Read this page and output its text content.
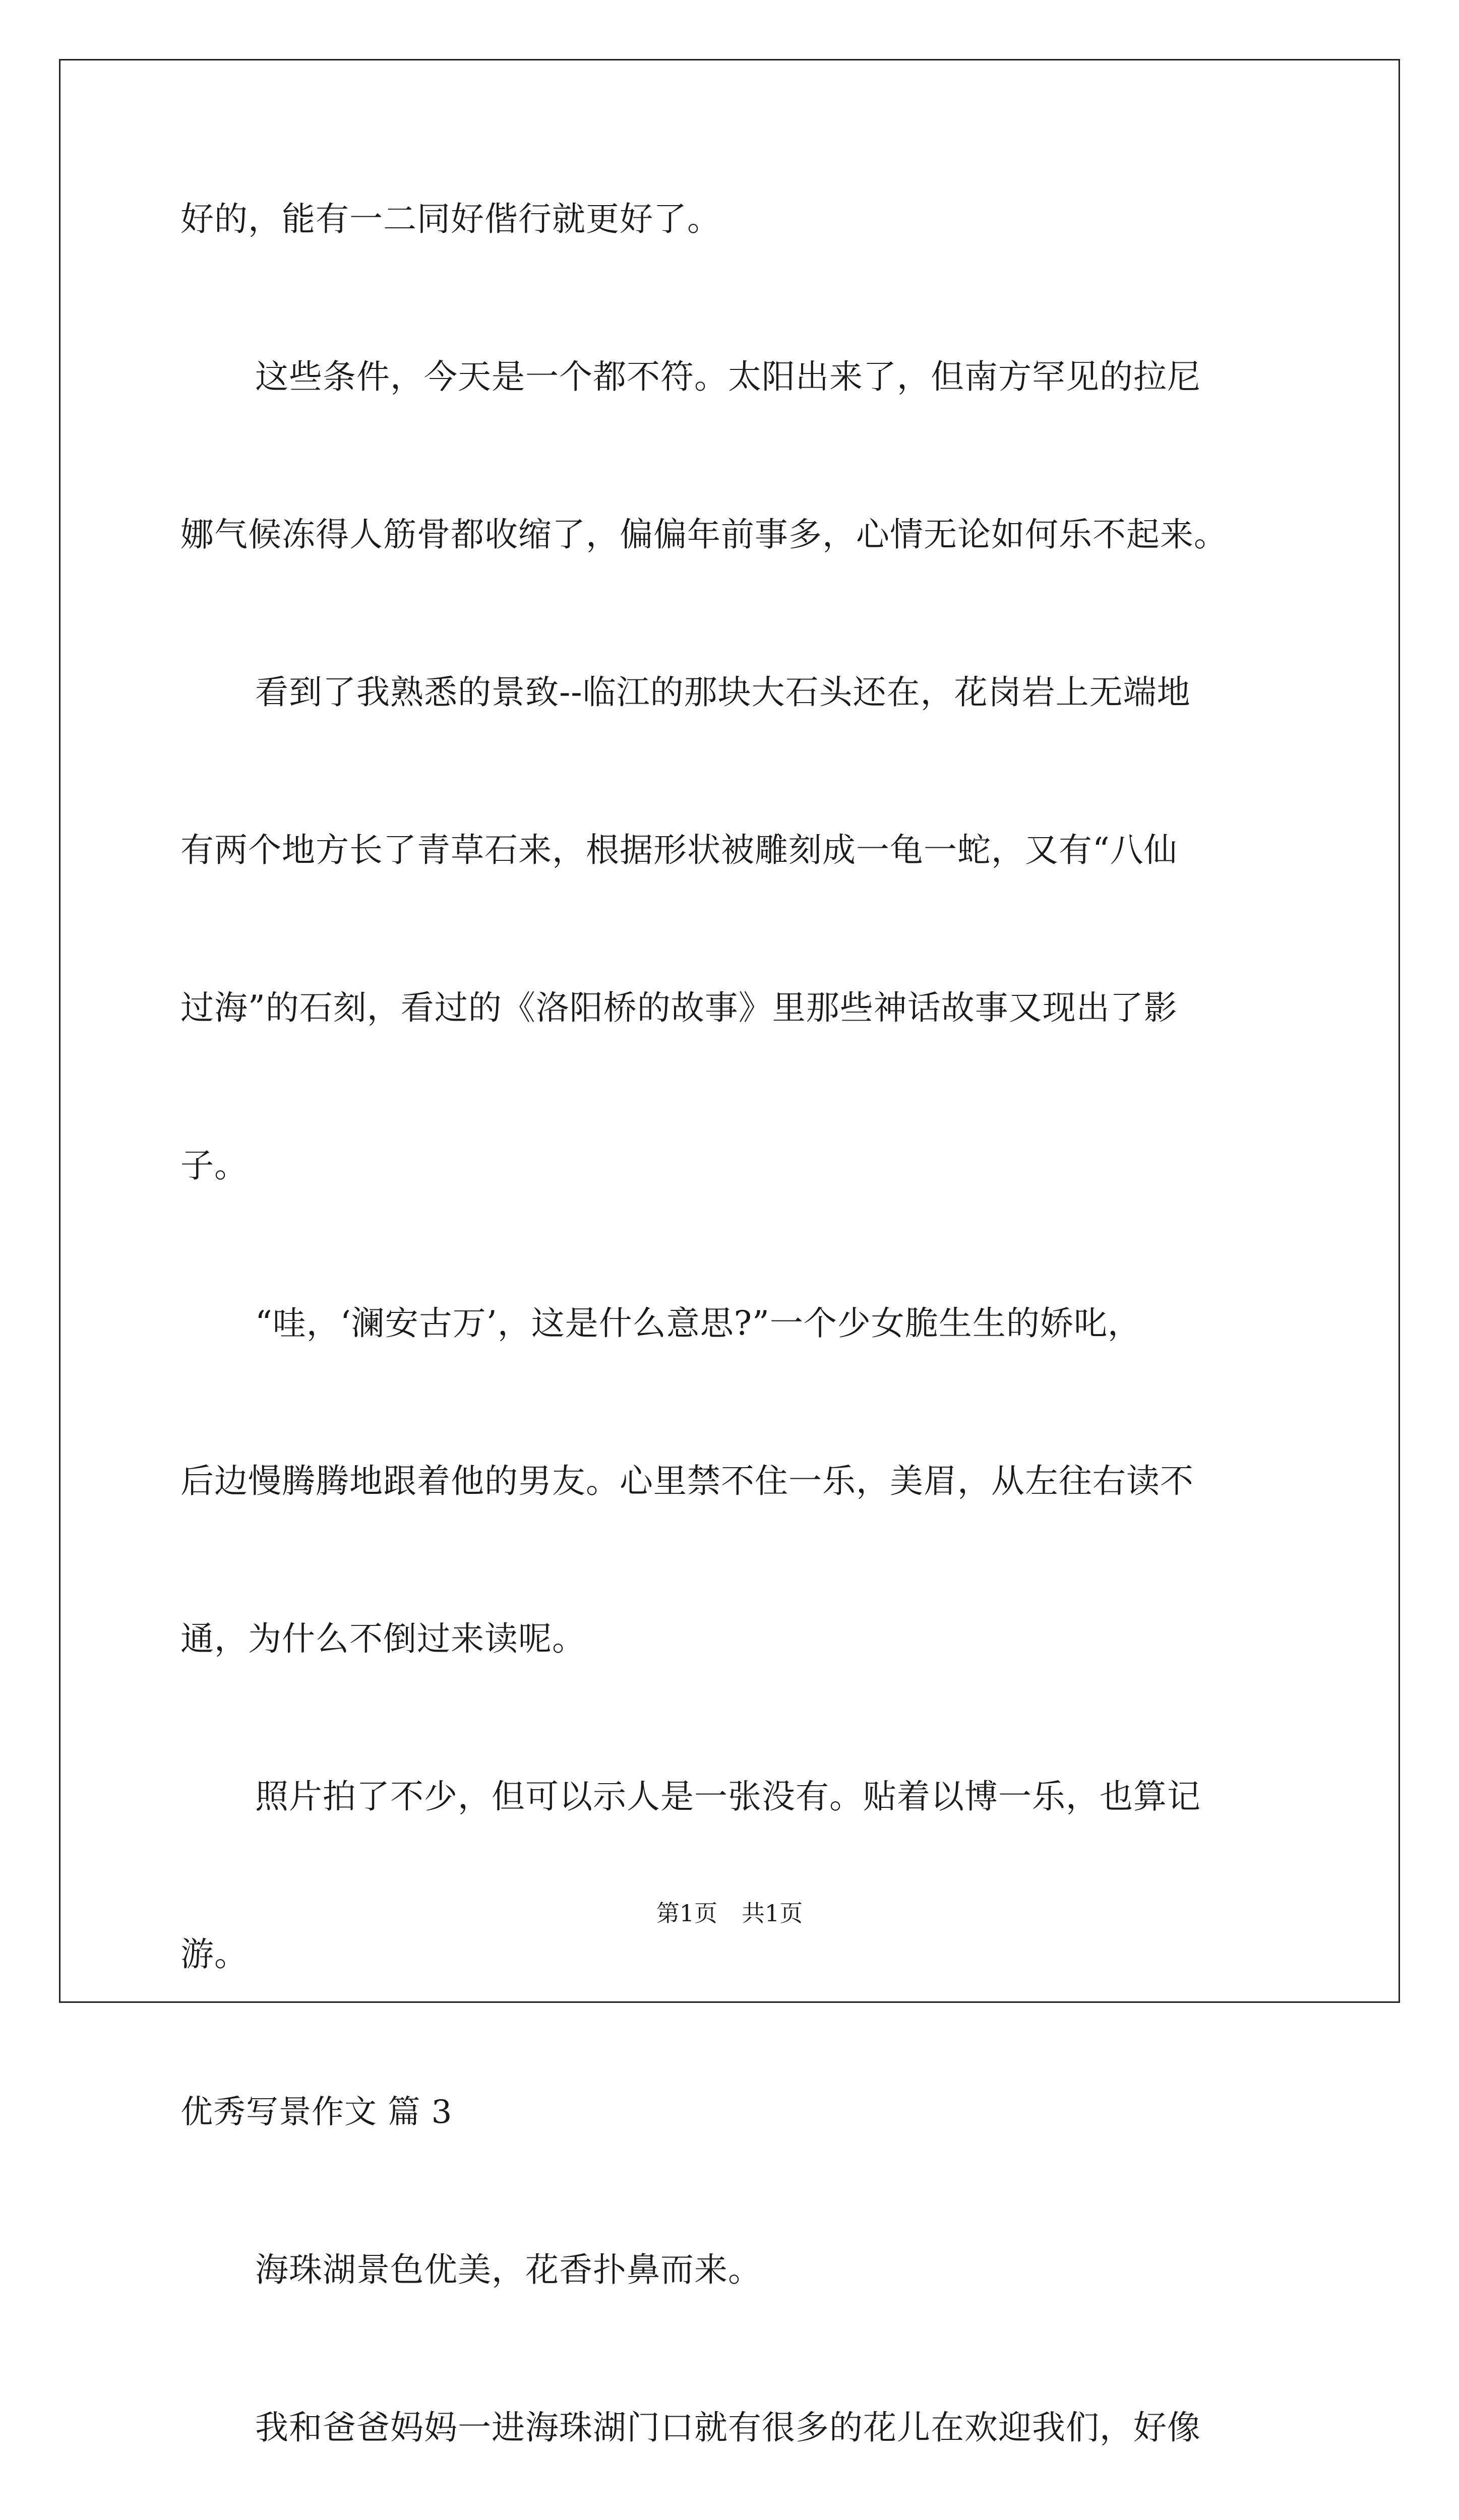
好的，能有一二同好偕行就更好了。
这些条件，今天是一个都不符。太阳出来了，但南方罕见的拉尼
娜气候冻得人筋骨都收缩了，偏偏年前事多，心情无论如何乐不起来。
看到了我熟悉的景致--临江的那块大石头还在，花岗岩上无端地
有两个地方长了青草石来，根据形状被雕刻成一龟一蛇，又有“八仙
过海”的石刻，看过的《洛阳桥的故事》里那些神话故事又现出了影
子。
“哇，‘澜安古万’，这是什么意思?”一个少女脆生生的娇叱，
后边慢腾腾地跟着他的男友。心里禁不住一乐，美眉，从左往右读不
通，为什么不倒过来读呢。
照片拍了不少，但可以示人是一张没有。贴着以博一乐，也算记
游。
优秀写景作文 篇 3
海珠湖景色优美，花香扑鼻而来。
我和爸爸妈妈一进海珠湖门口就有很多的花儿在欢迎我们，好像
第1页 共1页
